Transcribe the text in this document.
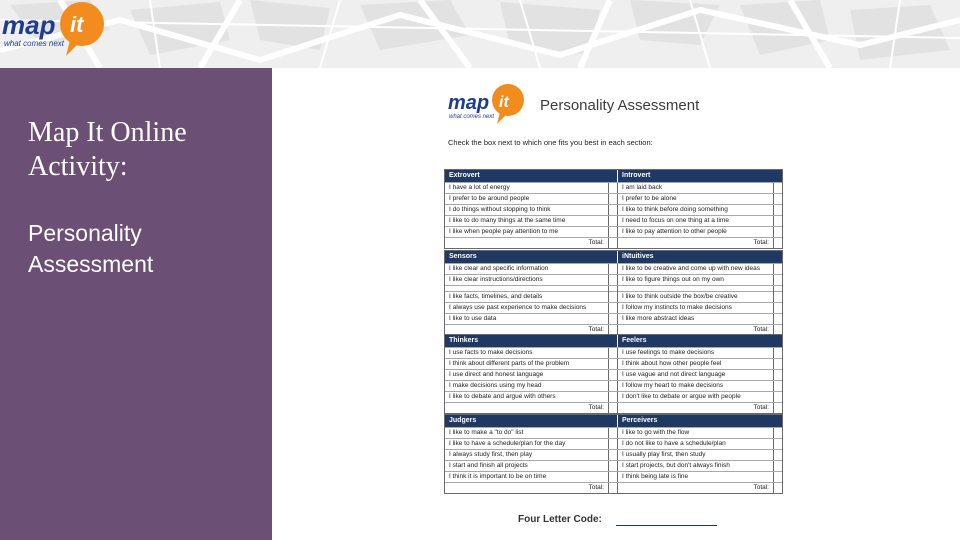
map it
what comes next
Map It Online
Activity:
Personality
Assessment
map it
what comes next
Personality Assessment
Check the box next to which one fits you best in each section:
Extrovert	Introvert
I have a lot of energy	I am laid back
I prefer to be around people	I prefer to be alone
I do things without stopping to think	I like to think before doing something
I like to do many things at the same time	I need to focus on one thing at a time
I like when people pay attention to me	I like to pay attention to other people
Total:	Total:
Sensors	iNtuitives
I like clear and specific information	I like to be creative and come up with new ideas
I like clear instructions/directions	I like to figure things out on my own
I like facts, timelines, and details	I like to think outside the box/be creative
I always use past experience to make decisions	I follow my instincts to make decisions
I like to use data	I like more abstract ideas
Total:	Total:
Thinkers	Feelers
I use facts to make decisions	I use feelings to make decisions
I think about different parts of the problem	I think about how other people feel
I use direct and honest language	I use vague and not direct language
I make decisions using my head	I follow my heart to make decisions
I like to debate and argue with others	I don't like to debate or argue with people
Total:	Total:
Judgers	Perceivers
I like to make a "to do" list	I like to go with the flow
I like to have a schedule/plan for the day	I do not like to have a schedule/plan
I always study first, then play	I usually play first, then study
I start and finish all projects	I start projects, but don't always finish
I think it is important to be on time	I think being late is fine
Total:	Total:
Four Letter Code:
